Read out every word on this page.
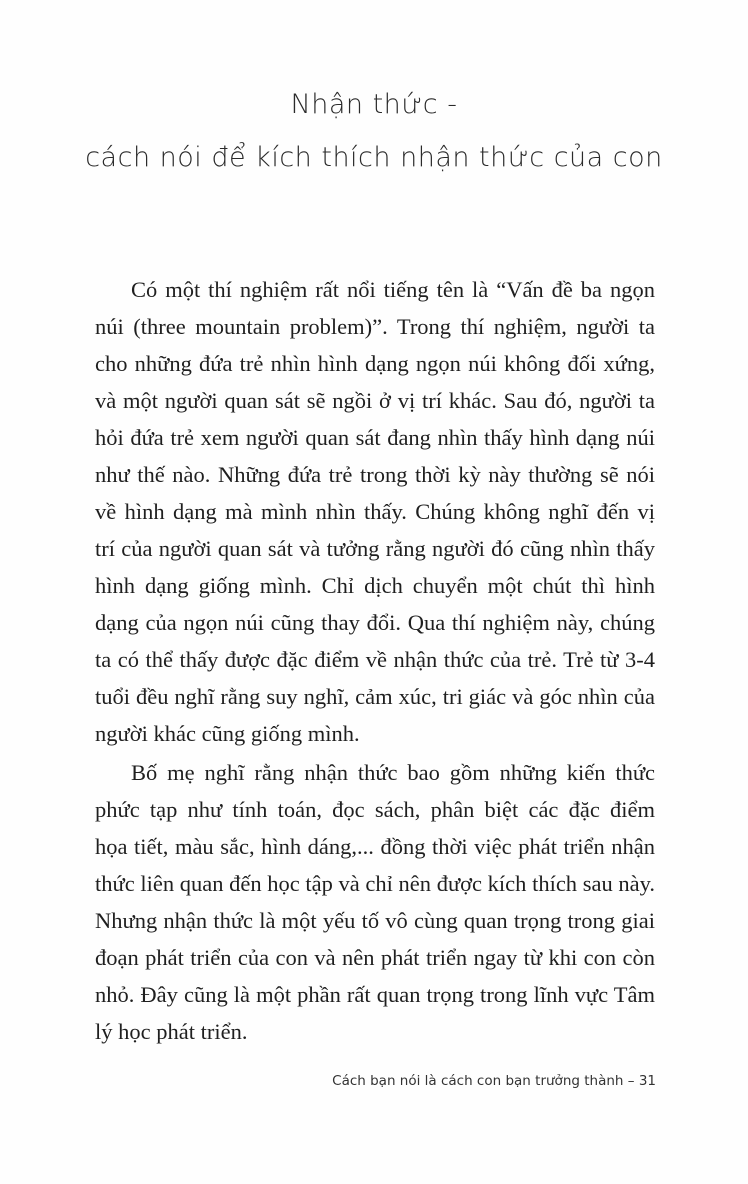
Nhận thức -
cách nói để kích thích nhận thức của con
Có một thí nghiệm rất nổi tiếng tên là “Vấn đề ba ngọn
núi (three mountain problem)”. Trong thí nghiệm, người ta
cho những đứa trẻ nhìn hình dạng ngọn núi không đối xứng,
và một người quan sát sẽ ngồi ở vị trí khác. Sau đó, người ta
hỏi đứa trẻ xem người quan sát đang nhìn thấy hình dạng núi
như thế nào. Những đứa trẻ trong thời kỳ này thường sẽ nói
về hình dạng mà mình nhìn thấy. Chúng không nghĩ đến vị
trí của người quan sát và tưởng rằng người đó cũng nhìn thấy
hình dạng giống mình. Chỉ dịch chuyển một chút thì hình
dạng của ngọn núi cũng thay đổi. Qua thí nghiệm này, chúng
ta có thể thấy được đặc điểm về nhận thức của trẻ. Trẻ từ 3-4
tuổi đều nghĩ rằng suy nghĩ, cảm xúc, tri giác và góc nhìn của
người khác cũng giống mình.
Bố mẹ nghĩ rằng nhận thức bao gồm những kiến thức
phức tạp như tính toán, đọc sách, phân biệt các đặc điểm
họa tiết, màu sắc, hình dáng,... đồng thời việc phát triển nhận
thức liên quan đến học tập và chỉ nên được kích thích sau này.
Nhưng nhận thức là một yếu tố vô cùng quan trọng trong giai
đoạn phát triển của con và nên phát triển ngay từ khi con còn
nhỏ. Đây cũng là một phần rất quan trọng trong lĩnh vực Tâm
lý học phát triển.
Cách bạn nói là cách con bạn trưởng thành – 31
